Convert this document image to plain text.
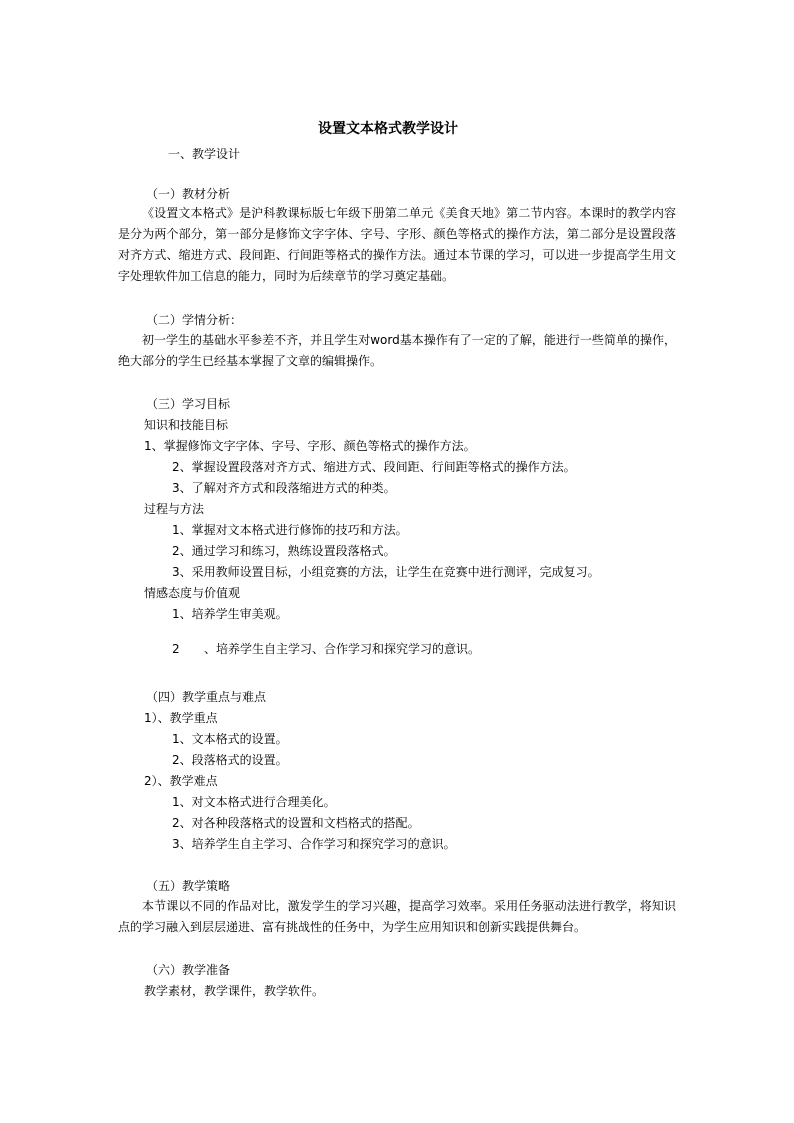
设置文本格式教学设计
一、教学设计
（一）教材分析
《设置文本格式》是沪科教课标版七年级下册第二单元《美食天地》第二节内容。本课时的教学内容是分为两个部分，第一部分是修饰文字字体、字号、字形、颜色等格式的操作方法，第二部分是设置段落对齐方式、缩进方式、段间距、行间距等格式的操作方法。通过本节课的学习，可以进一步提高学生用文字处理软件加工信息的能力，同时为后续章节的学习奠定基础。
（二）学情分析：
初一学生的基础水平参差不齐，并且学生对word基本操作有了一定的了解，能进行一些简单的操作，绝大部分的学生已经基本掌握了文章的编辑操作。
（三）学习目标
知识和技能目标
1、掌握修饰文字字体、字号、字形、颜色等格式的操作方法。
2、掌握设置段落对齐方式、缩进方式、段间距、行间距等格式的操作方法。
3、了解对齐方式和段落缩进方式的种类。
过程与方法
1、掌握对文本格式进行修饰的技巧和方法。
2、通过学习和练习，熟练设置段落格式。
3、采用教师设置目标，小组竞赛的方法，让学生在竞赛中进行测评，完成复习。
情感态度与价值观
1、培养学生审美观。
2 、培养学生自主学习、合作学习和探究学习的意识。
（四）教学重点与难点
1）、教学重点
1、文本格式的设置。
2、段落格式的设置。
2）、教学难点
1、对文本格式进行合理美化。
2、对各种段落格式的设置和文档格式的搭配。
3、培养学生自主学习、合作学习和探究学习的意识。
（五）教学策略
本节课以不同的作品对比，激发学生的学习兴趣，提高学习效率。采用任务驱动法进行教学，将知识点的学习融入到层层递进、富有挑战性的任务中，为学生应用知识和创新实践提供舞台。
（六）教学准备
教学素材，教学课件，教学软件。
